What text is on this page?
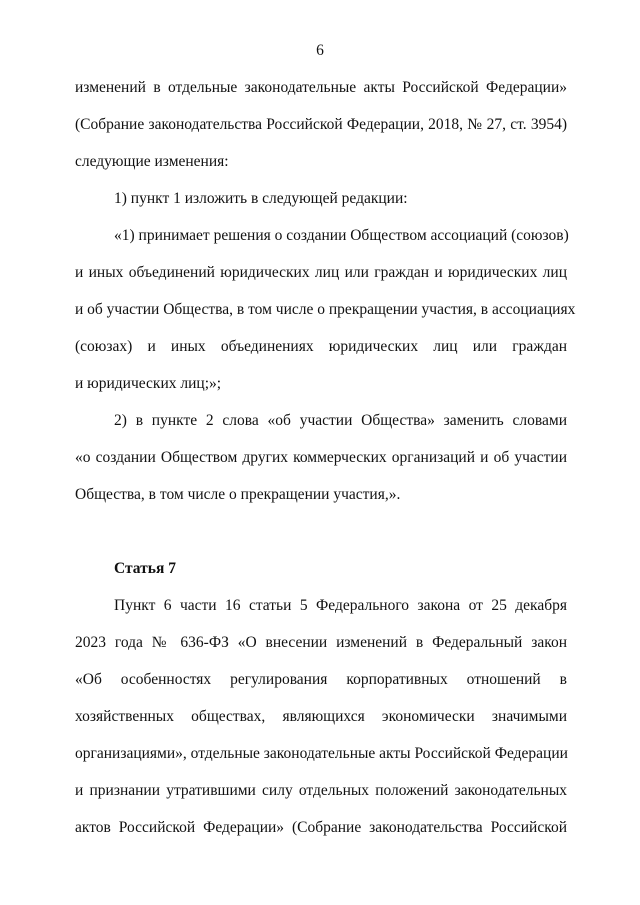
6
изменений в отдельные законодательные акты Российской Федерации»
(Собрание законодательства Российской Федерации, 2018, № 27, ст. 3954)
следующие изменения:
1) пункт 1 изложить в следующей редакции:
«1) принимает решения о создании Обществом ассоциаций (союзов)
и иных объединений юридических лиц или граждан и юридических лиц
и об участии Общества, в том числе о прекращении участия, в ассоциациях
(союзах) и иных объединениях юридических лиц или граждан
и юридических лиц;»;
2) в пункте 2 слова «об участии Общества» заменить словами
«о создании Обществом других коммерческих организаций и об участии
Общества, в том числе о прекращении участия,».
Статья 7
Пункт 6 части 16 статьи 5 Федерального закона от 25 декабря
2023 года № 636-ФЗ «О внесении изменений в Федеральный закон
«Об особенностях регулирования корпоративных отношений в
хозяйственных обществах, являющихся экономически значимыми
организациями», отдельные законодательные акты Российской Федерации
и признании утратившими силу отдельных положений законодательных
актов Российской Федерации» (Собрание законодательства Российской
